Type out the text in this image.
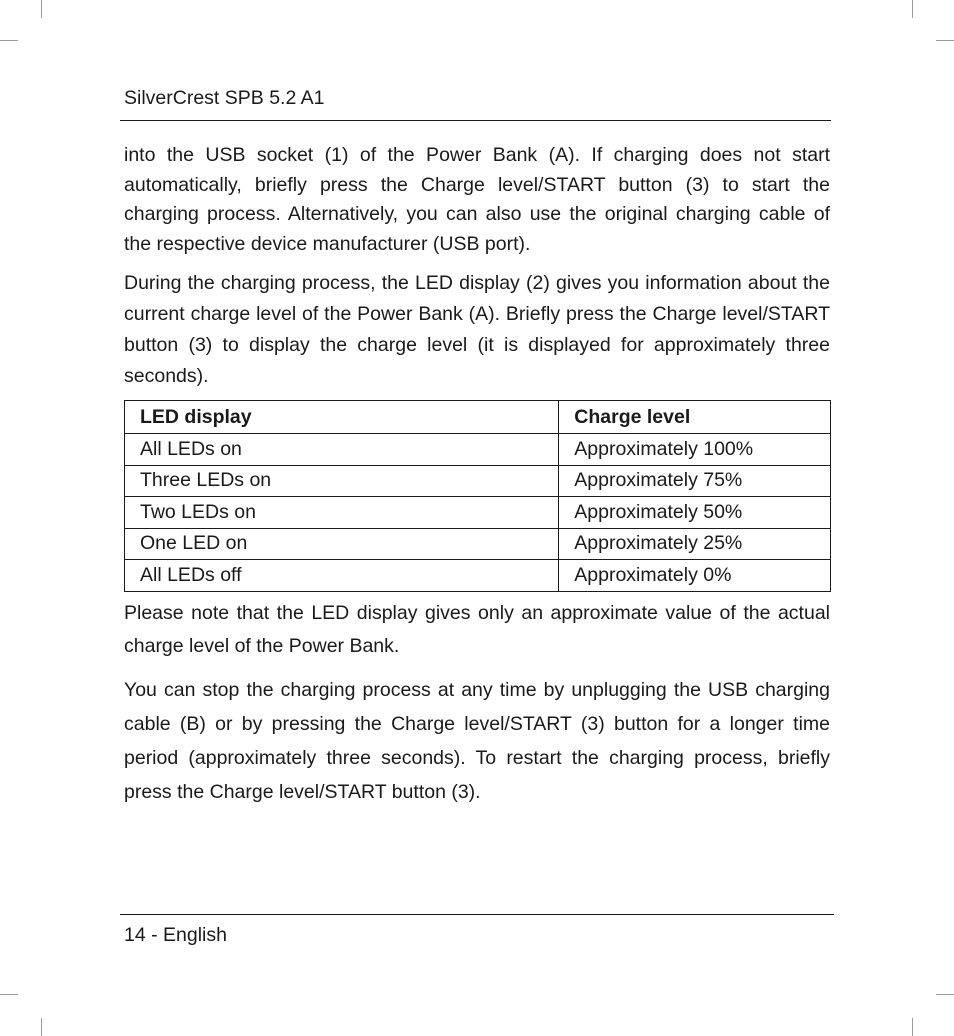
SilverCrest SPB 5.2 A1

into the USB socket (1) of the Power Bank (A). If charging does not start automatically, briefly press the Charge level/START button (3) to start the charging process. Alternatively, you can also use the original charging cable of the respective device manufacturer (USB port).

During the charging process, the LED display (2) gives you information about the current charge level of the Power Bank (A). Briefly press the Charge level/START button (3) to display the charge level (it is displayed for approximately three seconds).

LED display	Charge level
All LEDs on	Approximately 100%
Three LEDs on	Approximately 75%
Two LEDs on	Approximately 50%
One LED on	Approximately 25%
All LEDs off	Approximately 0%

Please note that the LED display gives only an approximate value of the actual charge level of the Power Bank.

You can stop the charging process at any time by unplugging the USB charging cable (B) or by pressing the Charge level/START (3) button for a longer time period (approximately three seconds). To restart the charging process, briefly press the Charge level/START button (3).

14 - English
